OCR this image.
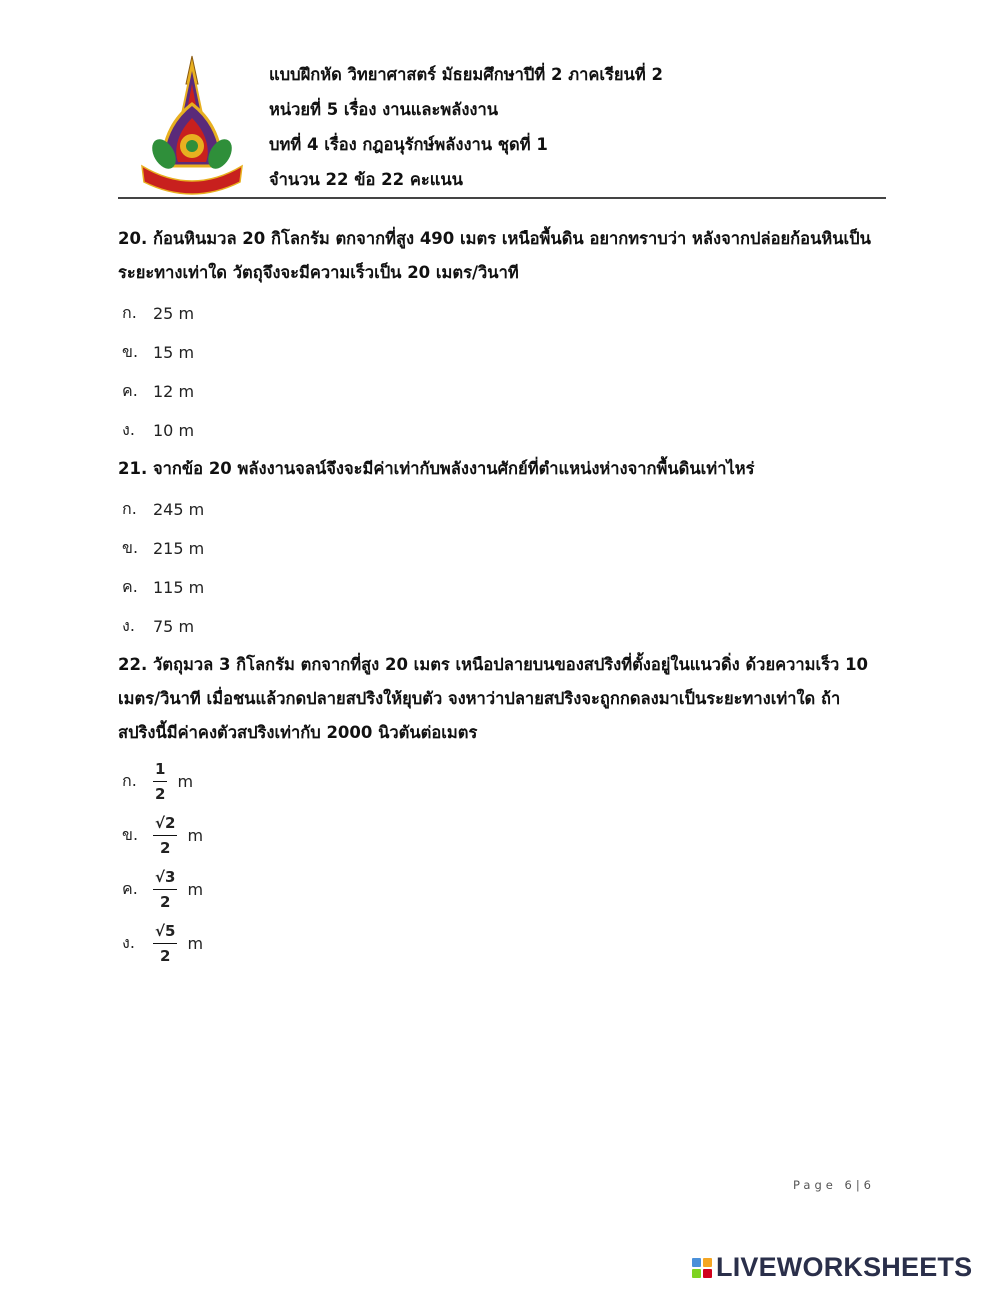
แบบฝึกหัด วิทยาศาสตร์ มัธยมศึกษาปีที่ 2 ภาคเรียนที่ 2
หน่วยที่ 5 เรื่อง งานและพลังงาน
บทที่ 4 เรื่อง กฎอนุรักษ์พลังงาน ชุดที่ 1
จำนวน 22 ข้อ 22 คะแนน

20. ก้อนหินมวล 20 กิโลกรัม ตกจากที่สูง 490 เมตร เหนือพื้นดิน อยากทราบว่า หลังจากปล่อยก้อนหินเป็น

ระยะทางเท่าใด วัตถุจึงจะมีความเร็วเป็น 20 เมตร/วินาที

ก.	25 m
ข. 15 m
ค. 12 m
ง.	10 m

21. จากข้อ 20 พลังงานจลน์จึงจะมีค่าเท่ากับพลังงานศักย์ที่ตำแหน่งห่างจากพื้นดินเท่าไหร่

ก.	245 m
ข. 215 m
ค. 115 m
ง.	75 m

22. วัตถุมวล 3 กิโลกรัม ตกจากที่สูง 20 เมตร เหนือปลายบนของสปริงที่ตั้งอยู่ในแนวดิ่ง ด้วยความเร็ว 10

เมตร/วินาที เมื่อชนแล้วกดปลายสปริงให้ยุบตัว จงหาว่าปลายสปริงจะถูกกดลงมาเป็นระยะทางเท่าใด ถ้า

สปริงนี้มีค่าคงตัวสปริงเท่ากับ 2000 นิวตันต่อเมตร

ก.	$\frac{1}{2}$ m
ข. $\frac{√2}{2}$ m
ค.	$\frac{√3}{2}$ m
ง.	$\frac{√5}{2}$ m
Page 6|6
LIVEWORKSHEETS
